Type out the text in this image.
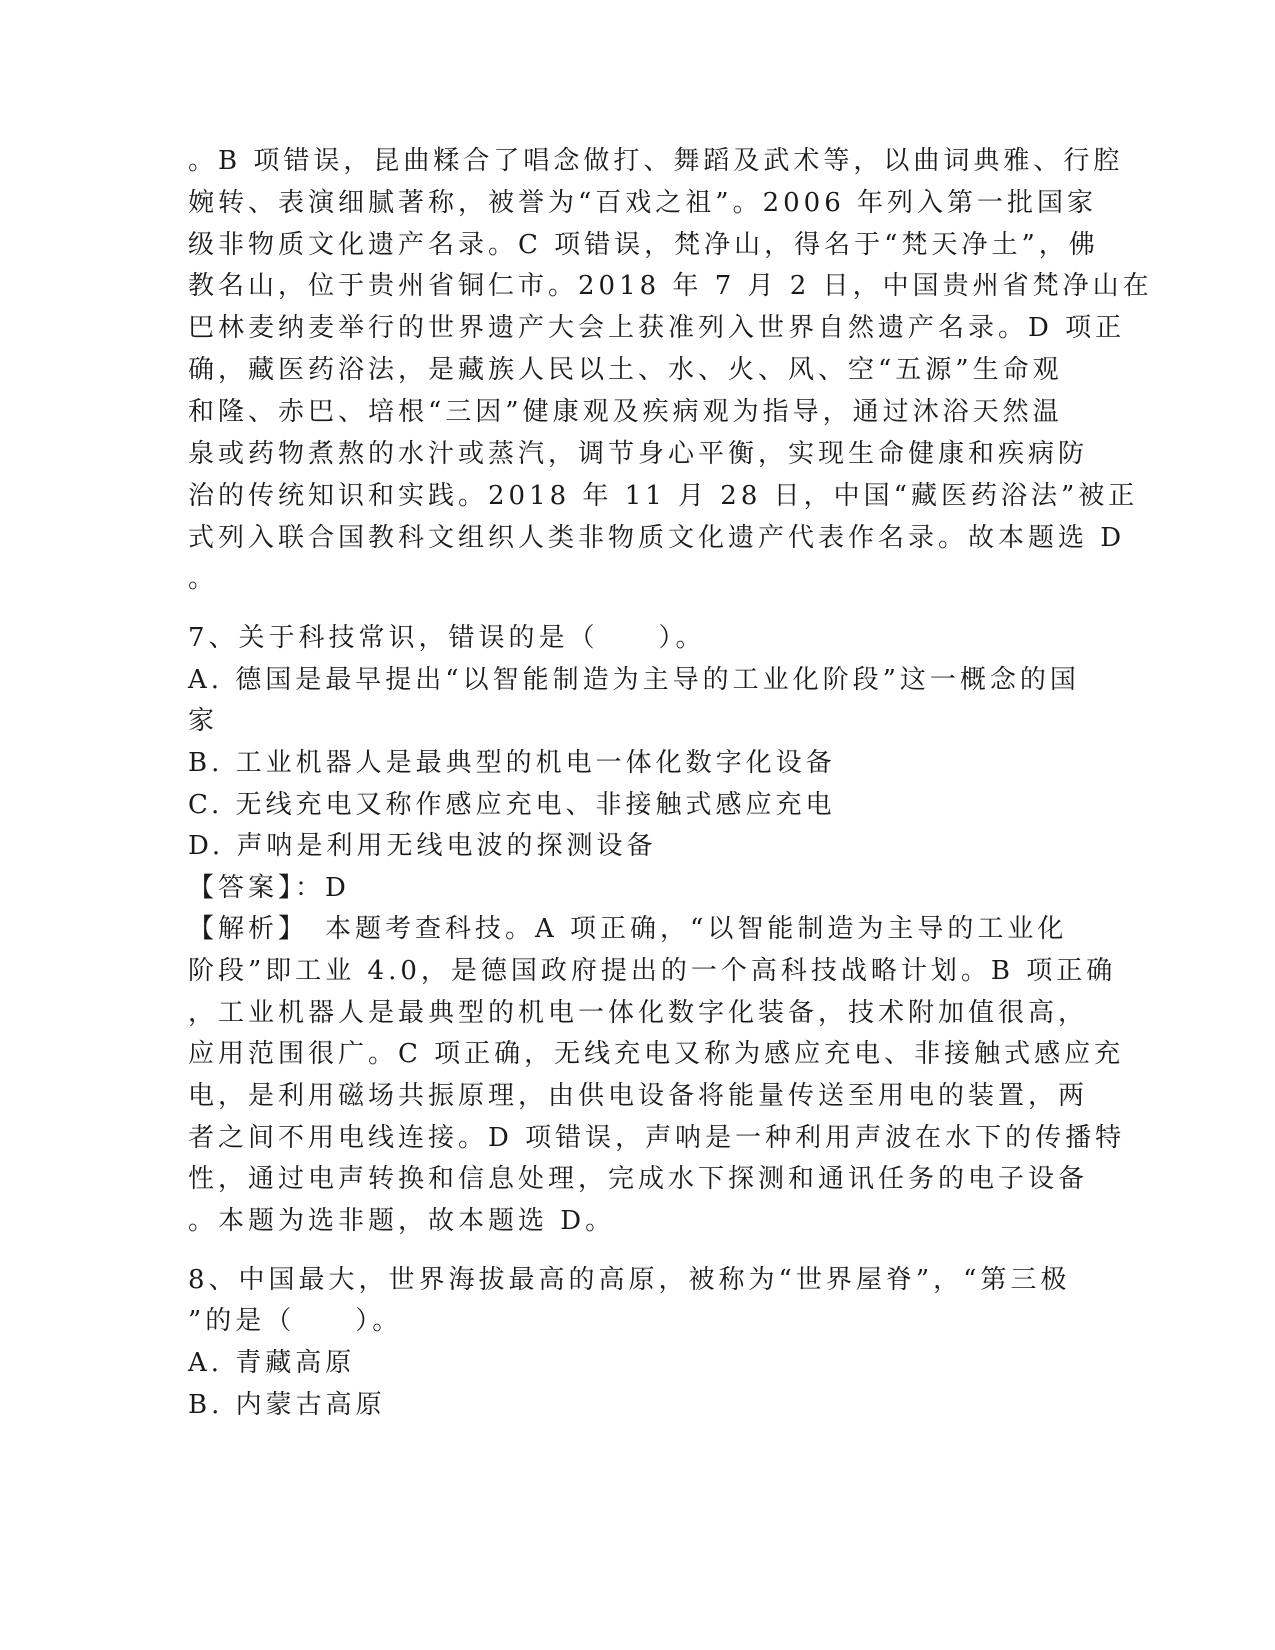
。B 项错误，昆曲糅合了唱念做打、舞蹈及武术等，以曲词典雅、行腔
婉转、表演细腻著称，被誉为“百戏之祖”。2006 年列入第一批国家
级非物质文化遗产名录。C 项错误，梵净山，得名于“梵天净土”，佛
教名山，位于贵州省铜仁市。2018 年 7 月 2 日，中国贵州省梵净山在
巴林麦纳麦举行的世界遗产大会上获准列入世界自然遗产名录。D 项正
确，藏医药浴法，是藏族人民以土、水、火、风、空“五源”生命观
和隆、赤巴、培根“三因”健康观及疾病观为指导，通过沐浴天然温
泉或药物煮熬的水汁或蒸汽，调节身心平衡，实现生命健康和疾病防
治的传统知识和实践。2018 年 11 月 28 日，中国“藏医药浴法”被正
式列入联合国教科文组织人类非物质文化遗产代表作名录。故本题选 D
。
7、关于科技常识，错误的是（　　）。
A. 德国是最早提出“以智能制造为主导的工业化阶段”这一概念的国
家
B. 工业机器人是最典型的机电一体化数字化设备
C. 无线充电又称作感应充电、非接触式感应充电
D. 声呐是利用无线电波的探测设备
【答案】：D
【解析】　本题考查科技。A 项正确，“以智能制造为主导的工业化
阶段”即工业 4.0，是德国政府提出的一个高科技战略计划。B 项正确
，工业机器人是最典型的机电一体化数字化装备，技术附加值很高，
应用范围很广。C 项正确，无线充电又称为感应充电、非接触式感应充
电，是利用磁场共振原理，由供电设备将能量传送至用电的装置，两
者之间不用电线连接。D 项错误，声呐是一种利用声波在水下的传播特
性，通过电声转换和信息处理，完成水下探测和通讯任务的电子设备
。本题为选非题，故本题选 D。
8、中国最大，世界海拔最高的高原，被称为“世界屋脊”，“第三极
”的是（　　）。
A. 青藏高原
B. 内蒙古高原
